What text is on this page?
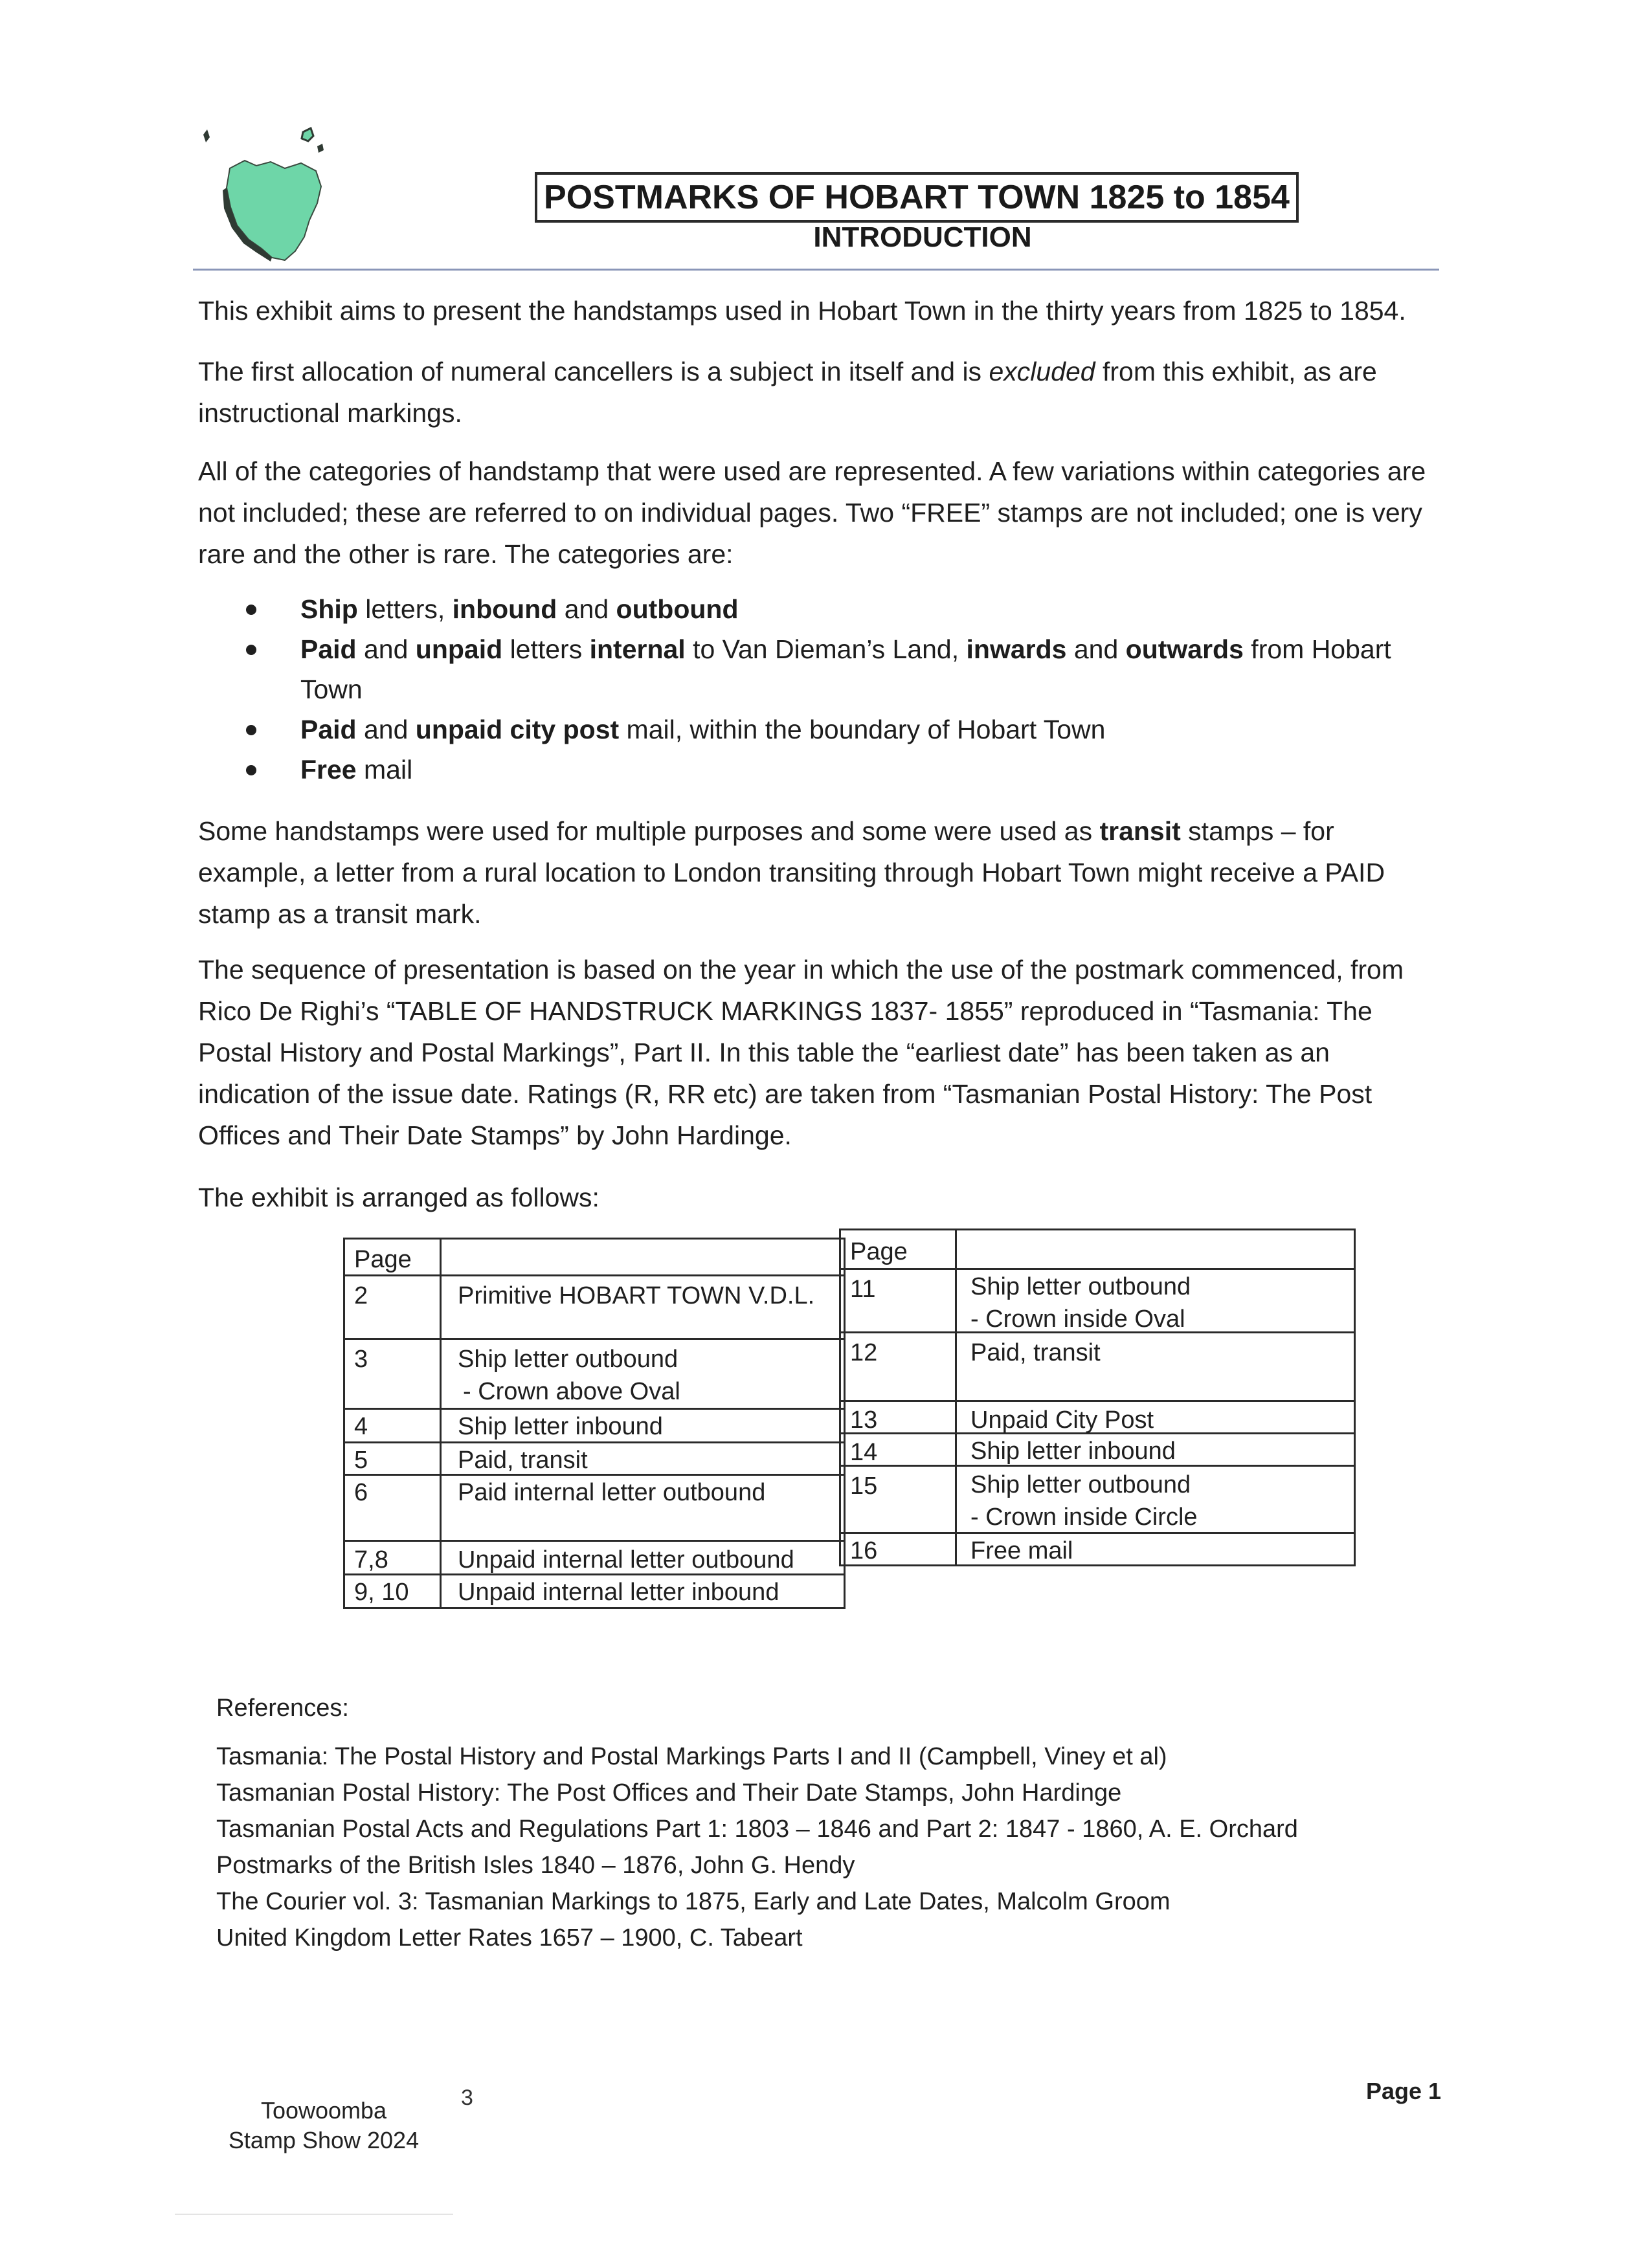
POSTMARKS OF HOBART TOWN 1825 to 1854
INTRODUCTION
This exhibit aims to present the handstamps used in Hobart Town in the thirty years from 1825 to 1854.
The first allocation of numeral cancellers is a subject in itself and is excluded from this exhibit, as are instructional markings.
All of the categories of handstamp that were used are represented. A few variations within categories are not included; these are referred to on individual pages. Two “FREE” stamps are not included; one is very rare and the other is rare. The categories are:
Ship letters, inbound and outbound
Paid and unpaid letters internal to Van Dieman’s Land, inwards and outwards from Hobart Town
Paid and unpaid city post mail, within the boundary of Hobart Town
Free mail
Some handstamps were used for multiple purposes and some were used as transit stamps – for example, a letter from a rural location to London transiting through Hobart Town might receive a PAID stamp as a transit mark.
The sequence of presentation is based on the year in which the use of the postmark commenced, from Rico De Righi’s “TABLE OF HANDSTRUCK MARKINGS 1837- 1855” reproduced in “Tasmania: The Postal History and Postal Markings”, Part II. In this table the “earliest date” has been taken as an indication of the issue date. Ratings (R, RR etc) are taken from “Tasmanian Postal History: The Post Offices and Their Date Stamps” by John Hardinge.
The exhibit is arranged as follows:
Page
2	Primitive HOBART TOWN V.D.L.
3	Ship letter outbound
- Crown above Oval
4	Ship letter inbound
5	Paid, transit
6	Paid internal letter outbound
7,8	Unpaid internal letter outbound
9, 10	Unpaid internal letter inbound
Page
11	Ship letter outbound
- Crown inside Oval
12	Paid, transit
13	Unpaid City Post
14	Ship letter inbound
15	Ship letter outbound
- Crown inside Circle
16	Free mail
References:
Tasmania: The Postal History and Postal Markings Parts I and II (Campbell, Viney et al)
Tasmanian Postal History: The Post Offices and Their Date Stamps, John Hardinge
Tasmanian Postal Acts and Regulations Part 1: 1803 – 1846 and Part 2: 1847 - 1860, A. E. Orchard
Postmarks of the British Isles 1840 – 1876, John G. Hendy
The Courier vol. 3: Tasmanian Markings to 1875, Early and Late Dates, Malcolm Groom
United Kingdom Letter Rates 1657 – 1900, C. Tabeart
Toowoomba
Stamp Show 2024
3	Page 1
